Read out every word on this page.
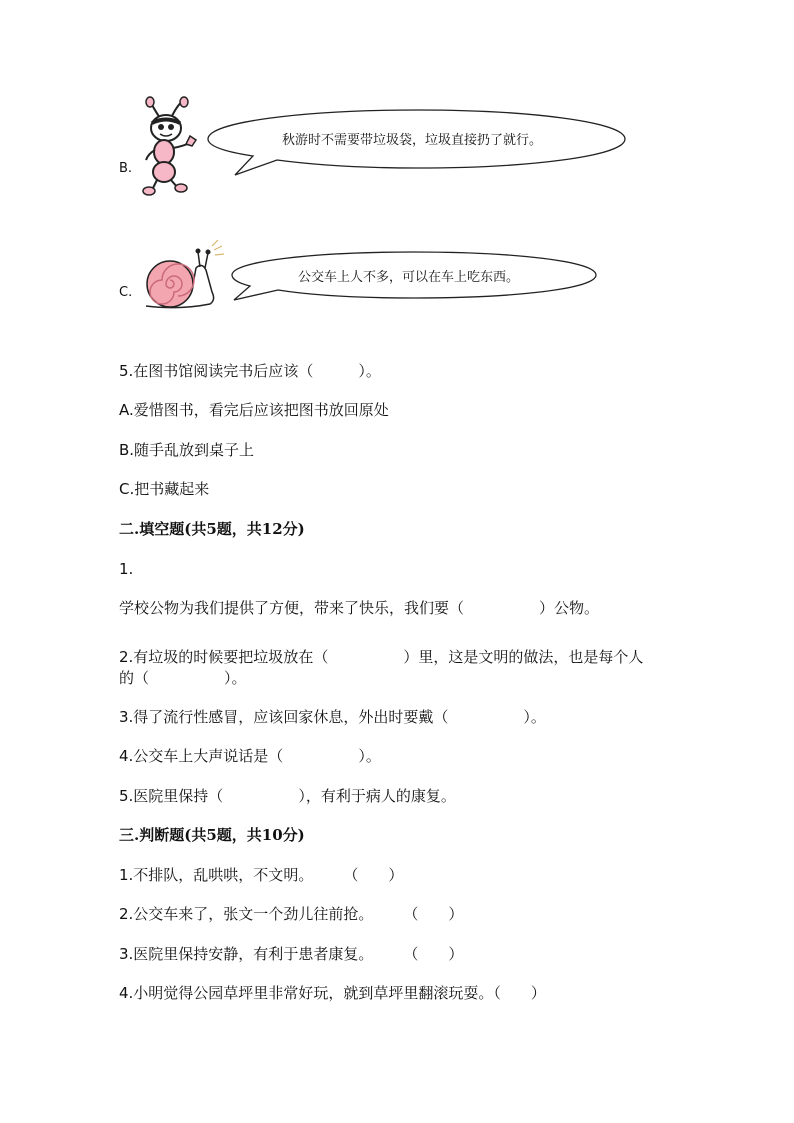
B.
秋游时不需要带垃圾袋，垃圾直接扔了就行。
C.
公交车上人不多，可以在车上吃东西。
5.在图书馆阅读完书后应该（　　　）。
A.爱惜图书，看完后应该把图书放回原处
B.随手乱放到桌子上
C.把书藏起来
二.填空题(共5题，共12分)
1.
学校公物为我们提供了方便，带来了快乐，我们要（　　　　　）公物。
2.有垃圾的时候要把垃圾放在（　　　　　）里，这是文明的做法，也是每个人
的（　　　　　）。
3.得了流行性感冒，应该回家休息，外出时要戴（　　　　　）。
4.公交车上大声说话是（　　　　　）。
5.医院里保持（　　　　　），有利于病人的康复。
三.判断题(共5题，共10分)
1.不排队，乱哄哄，不文明。　　　（　　）
2.公交车来了，张文一个劲儿往前抢。　　　（　　）
3.医院里保持安静，有利于患者康复。　　　（　　）
4.小明觉得公园草坪里非常好玩，就到草坪里翻滚玩耍。（　　）
